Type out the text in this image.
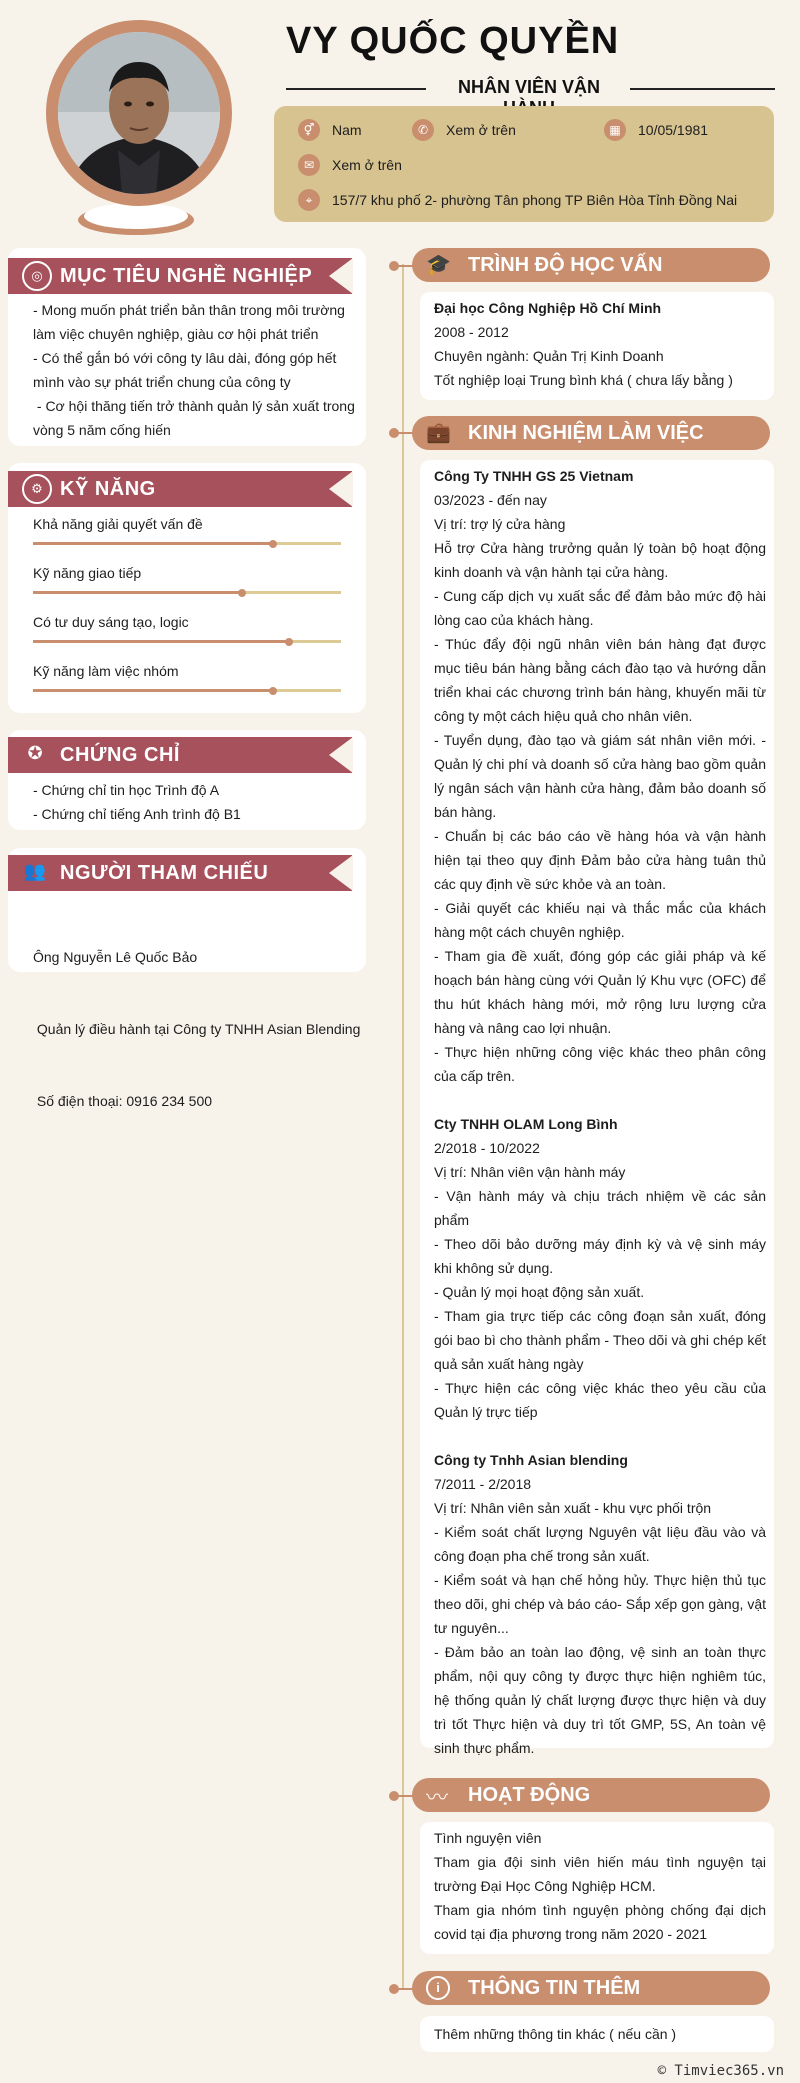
VY QUỐC QUYỀN
NHÂN VIÊN VẬN
⚥	Nam	✆	Xem ở trên	▦	10/05/1981
✉	Xem ở trên
⌖	157/7 khu phố 2- phường Tân phong TP Biên Hòa Tỉnh Đồng Nai
◎ MỤC TIÊU NGHỀ NGHIỆP
- Mong muốn phát triển bản thân trong môi trường
làm việc chuyên nghiệp, giàu cơ hội phát triển
- Có thể gắn bó với công ty lâu dài, đóng góp hết
mình vào sự phát triển chung của công ty
- Cơ hội thăng tiến trở thành quản lý sản xuất trong
vòng 5 năm cống hiến
⚙ KỸ NĂNG
Khả năng giải quyết vấn đề
Kỹ năng giao tiếp
Có tư duy sáng tạo, logic
Kỹ năng làm việc nhóm
✪ CHỨNG CHỈ
- Chứng chỉ tin học Trình độ A
- Chứng chỉ tiếng Anh trình độ B1
👥 NGƯỜI THAM CHIẾU

Ông Nguyễn Lê Quốc Bảo

Quản lý điều hành tại Công ty TNHH Asian Blending

Số điện thoại: 0916 234 500

🎓 TRÌNH ĐỘ HỌC VẤN
Đại học Công Nghiệp Hồ Chí Minh
2008 - 2012
Chuyên ngành: Quản Trị Kinh Doanh
Tốt nghiệp loại Trung bình khá ( chưa lấy bằng )
💼 KINH NGHIỆM LÀM VIỆC
Công Ty TNHH GS 25 Vietnam
03/2023 - đến nay
Vị trí: trợ lý cửa hàng
Hỗ trợ Cửa hàng trưởng quản lý toàn bộ hoạt động kinh doanh và vận hành tại cửa hàng.
- Cung cấp dịch vụ xuất sắc để đảm bảo mức độ hài lòng cao của khách hàng.
- Thúc đẩy đội ngũ nhân viên bán hàng đạt được mục tiêu bán hàng bằng cách đào tạo và hướng dẫn triển khai các chương trình bán hàng, khuyến mãi từ công ty một cách hiệu quả cho nhân viên.
- Tuyển dụng, đào tạo và giám sát nhân viên mới. - Quản lý chi phí và doanh số cửa hàng bao gồm quản lý ngân sách vận hành cửa hàng, đảm bảo doanh số bán hàng.
- Chuẩn bị các báo cáo về hàng hóa và vận hành hiện tại theo quy định Đảm bảo cửa hàng tuân thủ các quy định về sức khỏe và an toàn.
- Giải quyết các khiếu nại và thắc mắc của khách hàng một cách chuyên nghiệp.
- Tham gia đề xuất, đóng góp các giải pháp và kế hoạch bán hàng cùng với Quản lý Khu vực (OFC) để thu hút khách hàng mới, mở rộng lưu lượng cửa hàng và nâng cao lợi nhuận.
- Thực hiện những công việc khác theo phân công của cấp trên.
Cty TNHH OLAM Long Bình
2/2018 - 10/2022
Vị trí: Nhân viên vận hành máy
- Vận hành máy và chịu trách nhiệm về các sản phẩm
- Theo dõi bảo dưỡng máy định kỳ và vệ sinh máy khi không sử dụng.
- Quản lý mọi hoạt động sản xuất.
- Tham gia trực tiếp các công đoạn sản xuất, đóng gói bao bì cho thành phẩm - Theo dõi và ghi chép kết quả sản xuất hàng ngày
- Thực hiện các công việc khác theo yêu cầu của Quản lý trực tiếp
Công ty Tnhh Asian blending
7/2011 - 2/2018
Vị trí: Nhân viên sản xuất - khu vực phối trộn
- Kiểm soát chất lượng Nguyên vật liệu đầu vào và công đoạn pha chế trong sản xuất.
- Kiểm soát và hạn chế hỏng hủy. Thực hiện thủ tục theo dõi, ghi chép và báo cáo- Sắp xếp gọn gàng, vật tư nguyên...
- Đảm bảo an toàn lao động, vệ sinh an toàn thực phẩm, nội quy công ty được thực hiện nghiêm túc, hệ thống quản lý chất lượng được thực hiện và duy trì tốt Thực hiện và duy trì tốt GMP, 5S, An toàn vệ sinh thực phẩm.
〰 HOẠT ĐỘNG
Tình nguyện viên
Tham gia đội sinh viên hiến máu tình nguyện tại trường Đại Học Công Nghiệp HCM.
Tham gia nhóm tình nguyện phòng chống đại dịch covid tại địa phương trong năm 2020 - 2021
i	THÔNG TIN THÊM
Thêm những thông tin khác ( nếu cần )
© Timviec365.vn
